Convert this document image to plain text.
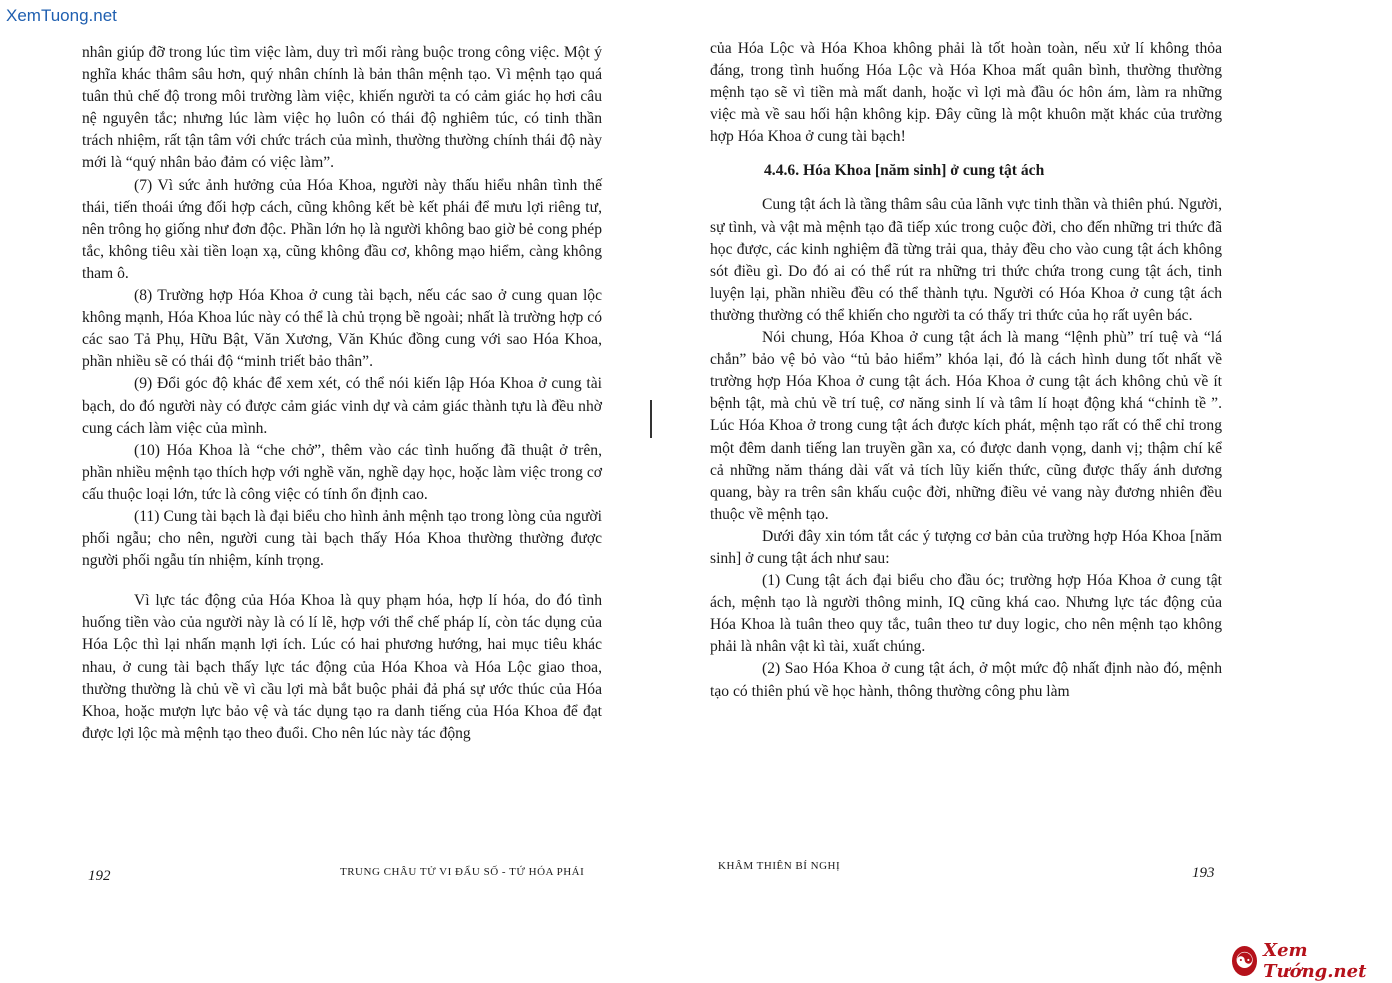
XemTuong.net

nhân giúp đỡ trong lúc tìm việc làm, duy trì mối ràng buộc trong công việc. Một ý nghĩa khác thâm sâu hơn, quý nhân chính là bản thân mệnh tạo. Vì mệnh tạo quá tuân thủ chế độ trong môi trường làm việc, khiến người ta có cảm giác họ hơi câu nệ nguyên tắc; nhưng lúc làm việc họ luôn có thái độ nghiêm túc, có tinh thần trách nhiệm, rất tận tâm với chức trách của mình, thường thường chính thái độ này mới là “quý nhân bảo đảm có việc làm”.

(7) Vì sức ảnh hưởng của Hóa Khoa, người này thấu hiểu nhân tình thế thái, tiến thoái ứng đối hợp cách, cũng không kết bè kết phái để mưu lợi riêng tư, nên trông họ giống như đơn độc. Phần lớn họ là người không bao giờ bẻ cong phép tắc, không tiêu xài tiền loạn xạ, cũng không đầu cơ, không mạo hiểm, càng không tham ô.

(8) Trường hợp Hóa Khoa ở cung tài bạch, nếu các sao ở cung quan lộc không mạnh, Hóa Khoa lúc này có thể là chủ trọng bề ngoài; nhất là trường hợp có các sao Tả Phụ, Hữu Bật, Văn Xương, Văn Khúc đồng cung với sao Hóa Khoa, phần nhiều sẽ có thái độ “minh triết bảo thân”.

(9) Đổi góc độ khác để xem xét, có thể nói kiến lập Hóa Khoa ở cung tài bạch, do đó người này có được cảm giác vinh dự và cảm giác thành tựu là đều nhờ cung cách làm việc của mình.

(10) Hóa Khoa là “che chở”, thêm vào các tình huống đã thuật ở trên, phần nhiều mệnh tạo thích hợp với nghề văn, nghề dạy học, hoặc làm việc trong cơ cấu thuộc loại lớn, tức là công việc có tính ổn định cao.

(11) Cung tài bạch là đại biểu cho hình ảnh mệnh tạo trong lòng của người phối ngẫu; cho nên, người cung tài bạch thấy Hóa Khoa thường thường được người phối ngẫu tín nhiệm, kính trọng.

Vì lực tác động của Hóa Khoa là quy phạm hóa, hợp lí hóa, do đó tình huống tiền vào của người này là có lí lẽ, hợp với thể chế pháp lí, còn tác dụng của Hóa Lộc thì lại nhấn mạnh lợi ích. Lúc có hai phương hướng, hai mục tiêu khác nhau, ở cung tài bạch thấy lực tác động của Hóa Khoa và Hóa Lộc giao thoa, thường thường là chủ về vì cầu lợi mà bắt buộc phải đả phá sự ước thúc của Hóa Khoa, hoặc mượn lực bảo vệ và tác dụng tạo ra danh tiếng của Hóa Khoa để đạt được lợi lộc mà mệnh tạo theo đuổi. Cho nên lúc này tác động

của Hóa Lộc và Hóa Khoa không phải là tốt hoàn toàn, nếu xử lí không thỏa đáng, trong tình huống Hóa Lộc và Hóa Khoa mất quân bình, thường thường mệnh tạo sẽ vì tiền mà mất danh, hoặc vì lợi mà đầu óc hôn ám, làm ra những việc mà về sau hối hận không kịp. Đây cũng là một khuôn mặt khác của trường hợp Hóa Khoa ở cung tài bạch!

4.4.6. Hóa Khoa [năm sinh] ở cung tật ách

Cung tật ách là tầng thâm sâu của lãnh vực tinh thần và thiên phú. Người, sự tình, và vật mà mệnh tạo đã tiếp xúc trong cuộc đời, cho đến những tri thức đã học được, các kinh nghiệm đã từng trải qua, thảy đều cho vào cung tật ách không sót điều gì. Do đó ai có thể rút ra những tri thức chứa trong cung tật ách, tinh luyện lại, phần nhiều đều có thể thành tựu. Người có Hóa Khoa ở cung tật ách thường thường có thể khiến cho người ta có thấy tri thức của họ rất uyên bác.

Nói chung, Hóa Khoa ở cung tật ách là mang “lệnh phù” trí tuệ và “lá chắn” bảo vệ bỏ vào “tủ bảo hiểm” khóa lại, đó là cách hình dung tốt nhất về trường hợp Hóa Khoa ở cung tật ách. Hóa Khoa ở cung tật ách không chủ về ít bệnh tật, mà chủ về trí tuệ, cơ năng sinh lí và tâm lí hoạt động khá “chỉnh tề ”. Lúc Hóa Khoa ở trong cung tật ách được kích phát, mệnh tạo rất có thể chỉ trong một đêm danh tiếng lan truyền gần xa, có được danh vọng, danh vị; thậm chí kể cả những năm tháng dài vất vả tích lũy kiến thức, cũng được thấy ánh dương quang, bày ra trên sân khấu cuộc đời, những điều vẻ vang này đương nhiên đều thuộc về mệnh tạo.

Dưới đây xin tóm tắt các ý tượng cơ bản của trường hợp Hóa Khoa [năm sinh] ở cung tật ách như sau:

(1) Cung tật ách đại biểu cho đầu óc; trường hợp Hóa Khoa ở cung tật ách, mệnh tạo là người thông minh, IQ cũng khá cao. Nhưng lực tác động của Hóa Khoa là tuân theo quy tắc, tuân theo tư duy logic, cho nên mệnh tạo không phải là nhân vật kì tài, xuất chúng.

(2) Sao Hóa Khoa ở cung tật ách, ở một mức độ nhất định nào đó, mệnh tạo có thiên phú về học hành, thông thường công phu làm

192	TRUNG CHÂU TỬ VI ĐẨU SỐ - TỨ HÓA PHÁI	KHÂM THIÊN BÍ NGHỊ	193
☯ Xem Tướng.net
